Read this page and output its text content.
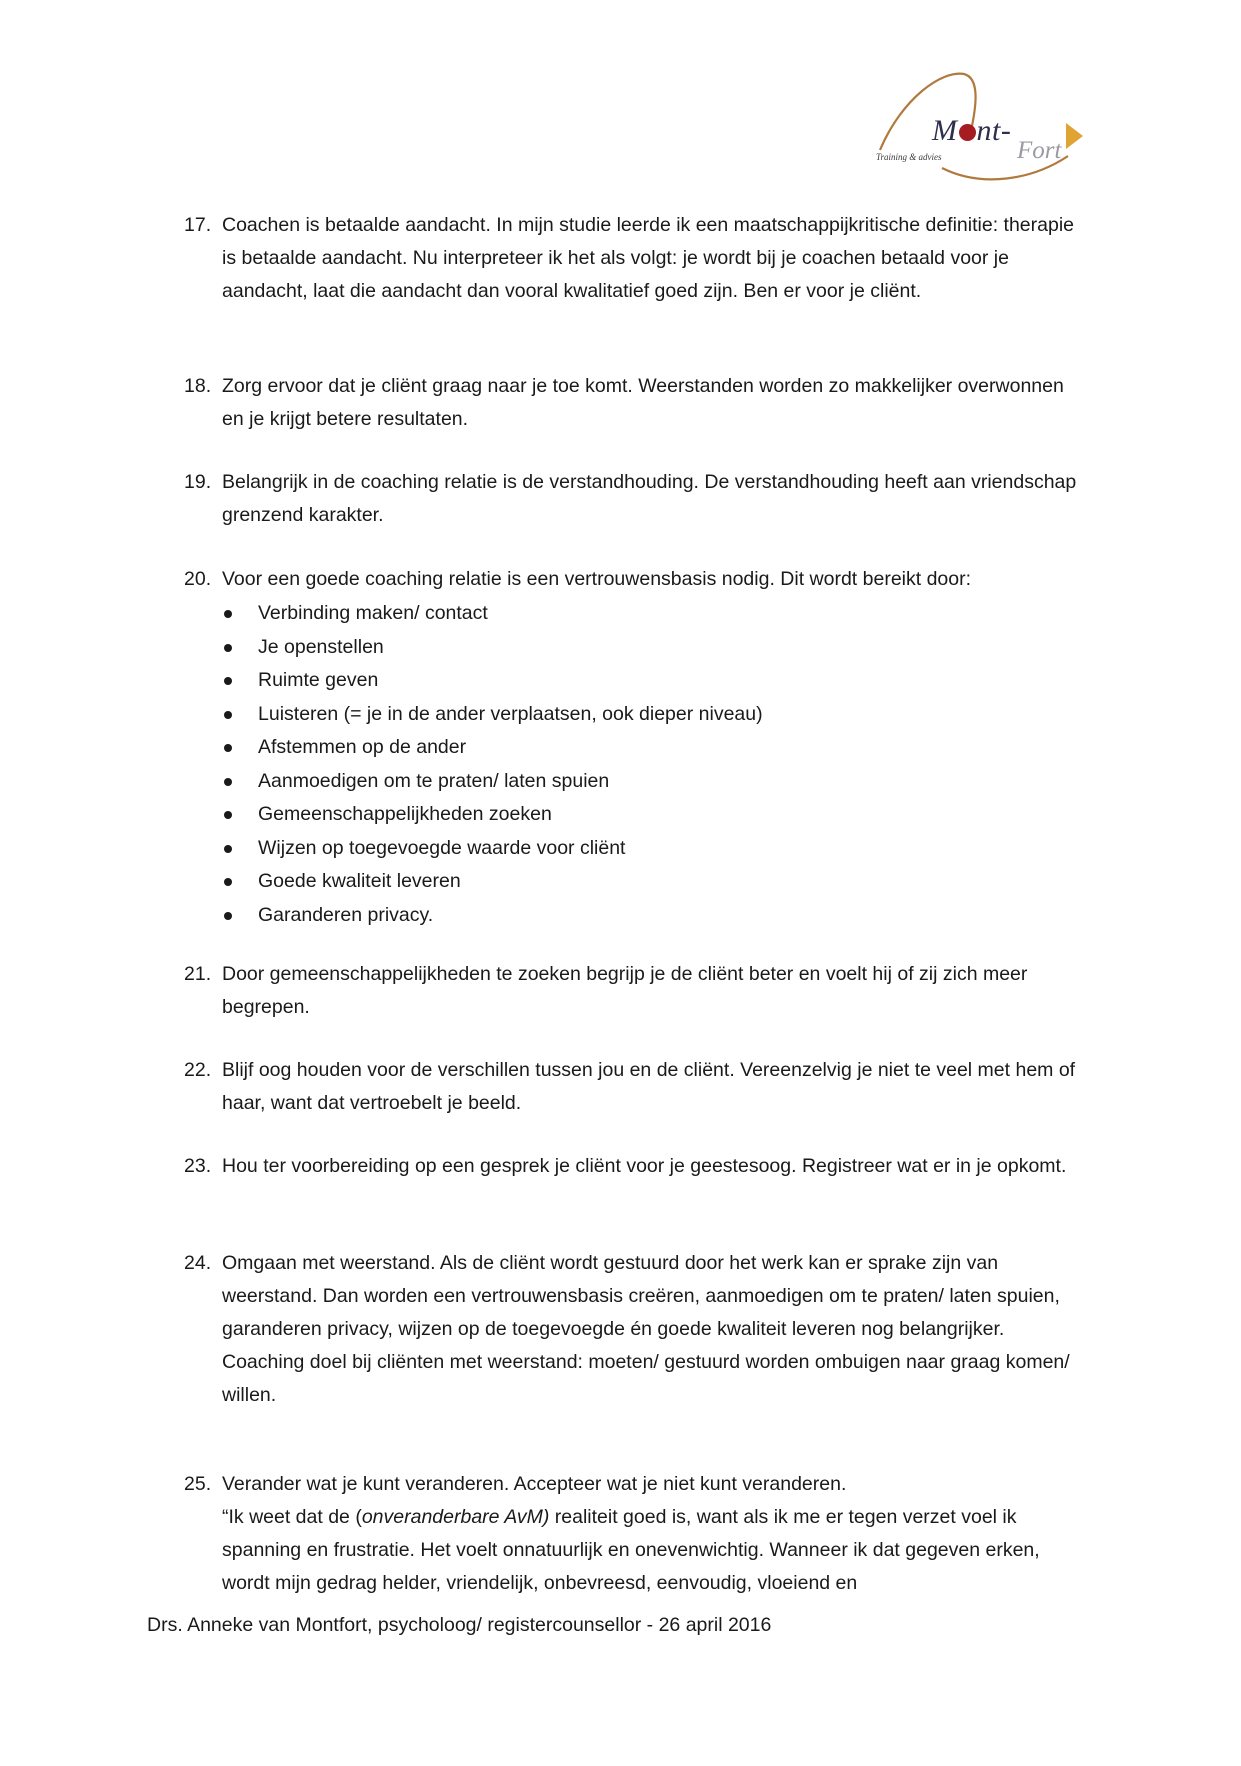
M nt-
Fort
Training & advies
17. Coachen is betaalde aandacht. In mijn studie leerde ik een maatschappijkritische definitie: therapie is betaalde aandacht. Nu interpreteer ik het als volgt: je wordt bij je coachen betaald voor je aandacht, laat die aandacht dan vooral kwalitatief goed zijn. Ben er voor je cliënt.
18. Zorg ervoor dat je cliënt graag naar je toe komt. Weerstanden worden zo makkelijker overwonnen en je krijgt betere resultaten.
19. Belangrijk in de coaching relatie is de verstandhouding. De verstandhouding heeft aan vriendschap grenzend karakter.
20. Voor een goede coaching relatie is een vertrouwensbasis nodig. Dit wordt bereikt door:
Verbinding maken/ contact
Je openstellen
Ruimte geven
Luisteren (= je in de ander verplaatsen, ook dieper niveau)
Afstemmen op de ander
Aanmoedigen om te praten/ laten spuien
Gemeenschappelijkheden zoeken
Wijzen op toegevoegde waarde voor cliënt
Goede kwaliteit leveren
Garanderen privacy.
21. Door gemeenschappelijkheden te zoeken begrijp je de cliënt beter en voelt hij of zij zich meer begrepen.
22. Blijf oog houden voor de verschillen tussen jou en de cliënt. Vereenzelvig je niet te veel met hem of haar, want dat vertroebelt je beeld.
23. Hou ter voorbereiding op een gesprek je cliënt voor je geestesoog. Registreer wat er in je opkomt.
24. Omgaan met weerstand. Als de cliënt wordt gestuurd door het werk kan er sprake zijn van weerstand. Dan worden een vertrouwensbasis creëren, aanmoedigen om te praten/ laten spuien, garanderen privacy, wijzen op de toegevoegde én goede kwaliteit leveren nog belangrijker. Coaching doel bij cliënten met weerstand: moeten/ gestuurd worden ombuigen naar graag komen/ willen.
25. Verander wat je kunt veranderen. Accepteer wat je niet kunt veranderen.
“Ik weet dat de (onveranderbare AvM) realiteit goed is, want als ik me er tegen verzet voel ik spanning en frustratie. Het voelt onnatuurlijk en onevenwichtig. Wanneer ik dat gegeven erken, wordt mijn gedrag helder, vriendelijk, onbevreesd, eenvoudig, vloeiend en
Drs. Anneke van Montfort, psycholoog/ registercounsellor - 26 april 2016
